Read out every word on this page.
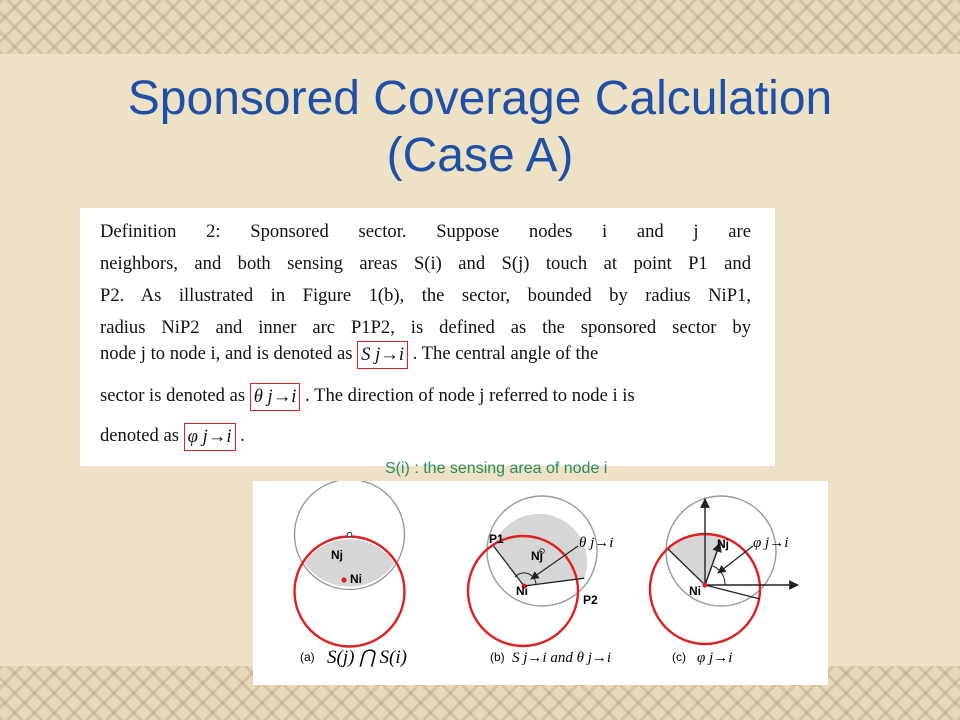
Sponsored Coverage Calculation
(Case A)
Definition 2: Sponsored sector. Suppose nodes i and j are
neighbors, and both sensing areas S(i) and S(j) touch at point P1 and
P2. As illustrated in Figure 1(b), the sector, bounded by radius NiP1,
radius NiP2 and inner arc P1P2, is defined as the sponsored sector by
node j to node i, and is denoted as S j→i . The central angle of the
sector is denoted as θ j→i . The direction of node j referred to node i is
denoted as φ j→i .
S(i) : the sensing area of node i
Nj
Ni
(a) S(j) ⋂ S(i)
P1
Nj
Ni
P2
θ j→i
(b) S j→i and θ j→i
Nj
Ni
φ j→i
(c) φ j→i
